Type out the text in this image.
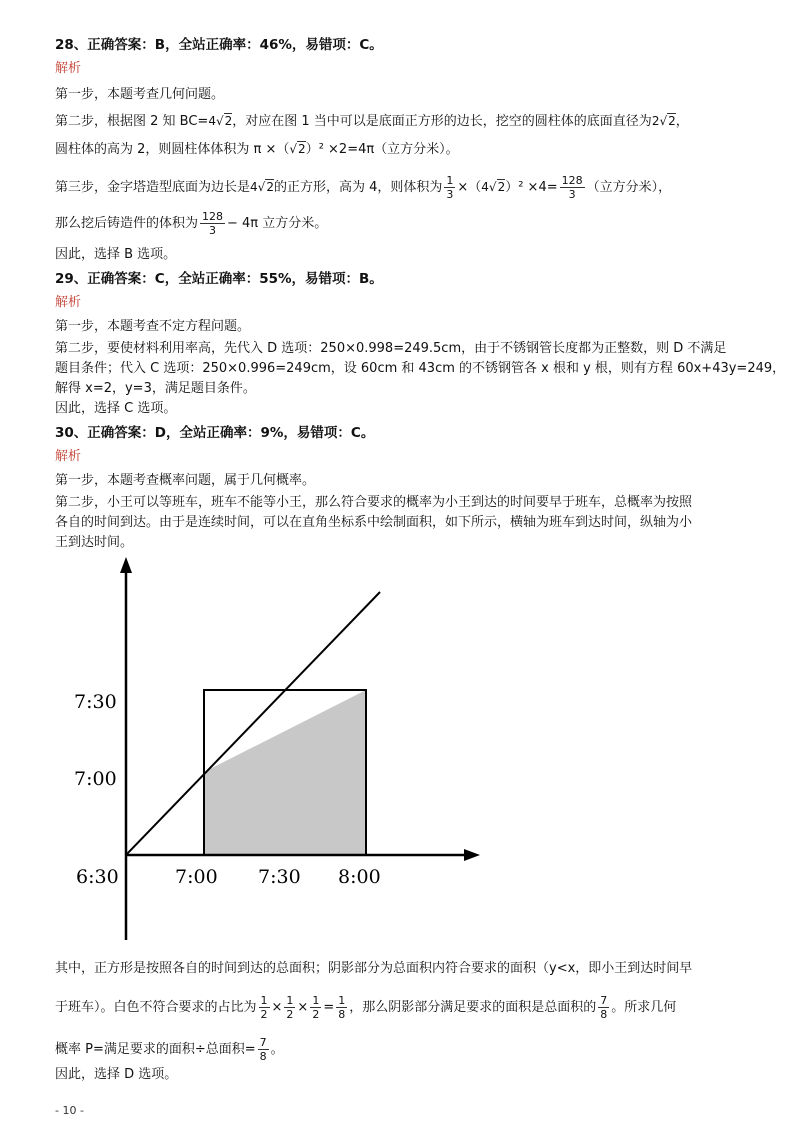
28、正确答案：B，全站正确率：46%，易错项：C。
解析
第一步，本题考查几何问题。
第二步，根据图 2 知 BC=4√2，对应在图 1 当中可以是底面正方形的边长，挖空的圆柱体的底面直径为2√2，
圆柱体的高为 2，则圆柱体体积为 π ×（√2）² ×2=4π（立方分米）。
第三步，金字塔造型底面为边长是4√2的正方形，高为 4，则体积为 $\frac{1}{3} \times(4√2)^2 \times 4= \frac{128}{3}$ （立方分米），
那么挖后铸造件的体积为 $\frac{128}{3} - 4\pi$ 立方分米。
因此，选择 B 选项。
29、正确答案：C，全站正确率：55%，易错项：B。
解析
第一步，本题考查不定方程问题。
第二步，要使材料利用率高，先代入 D 选项：250×0.998=249.5cm，由于不锈钢管长度都为正整数，则 D 不满足
题目条件；代入 C 选项：250×0.996=249cm，设 60cm 和 43cm 的不锈钢管各 x 根和 y 根，则有方程 60x+43y=249，
解得 x=2，y=3，满足题目条件。
因此，选择 C 选项。
30、正确答案：D，全站正确率：9%，易错项：C。
解析
第一步，本题考查概率问题，属于几何概率。
第二步，小王可以等班车，班车不能等小王，那么符合要求的概率为小王到达的时间要早于班车，总概率为按照
各自的时间到达。由于是连续时间，可以在直角坐标系中绘制面积，如下所示，横轴为班车到达时间，纵轴为小
王到达时间。
7:30
7:00
6:30	7:00 7:30 8:00
其中，正方形是按照各自的时间到达的总面积；阴影部分为总面积内符合要求的面积（y<x，即小王到达时间早
于班车）。白色不符合要求的占比为 $\frac{1}{2} \times \frac{1}{2} \times \frac{1}{2} = \frac{1}{8}$ ，那么阴影部分满足要求的面积是总面积的 $\frac{7}{8}$ 。所求几何
概率 P=满足要求的面积÷总面积= $\frac{7}{8}$ 。
因此，选择 D 选项。
- 10 -
